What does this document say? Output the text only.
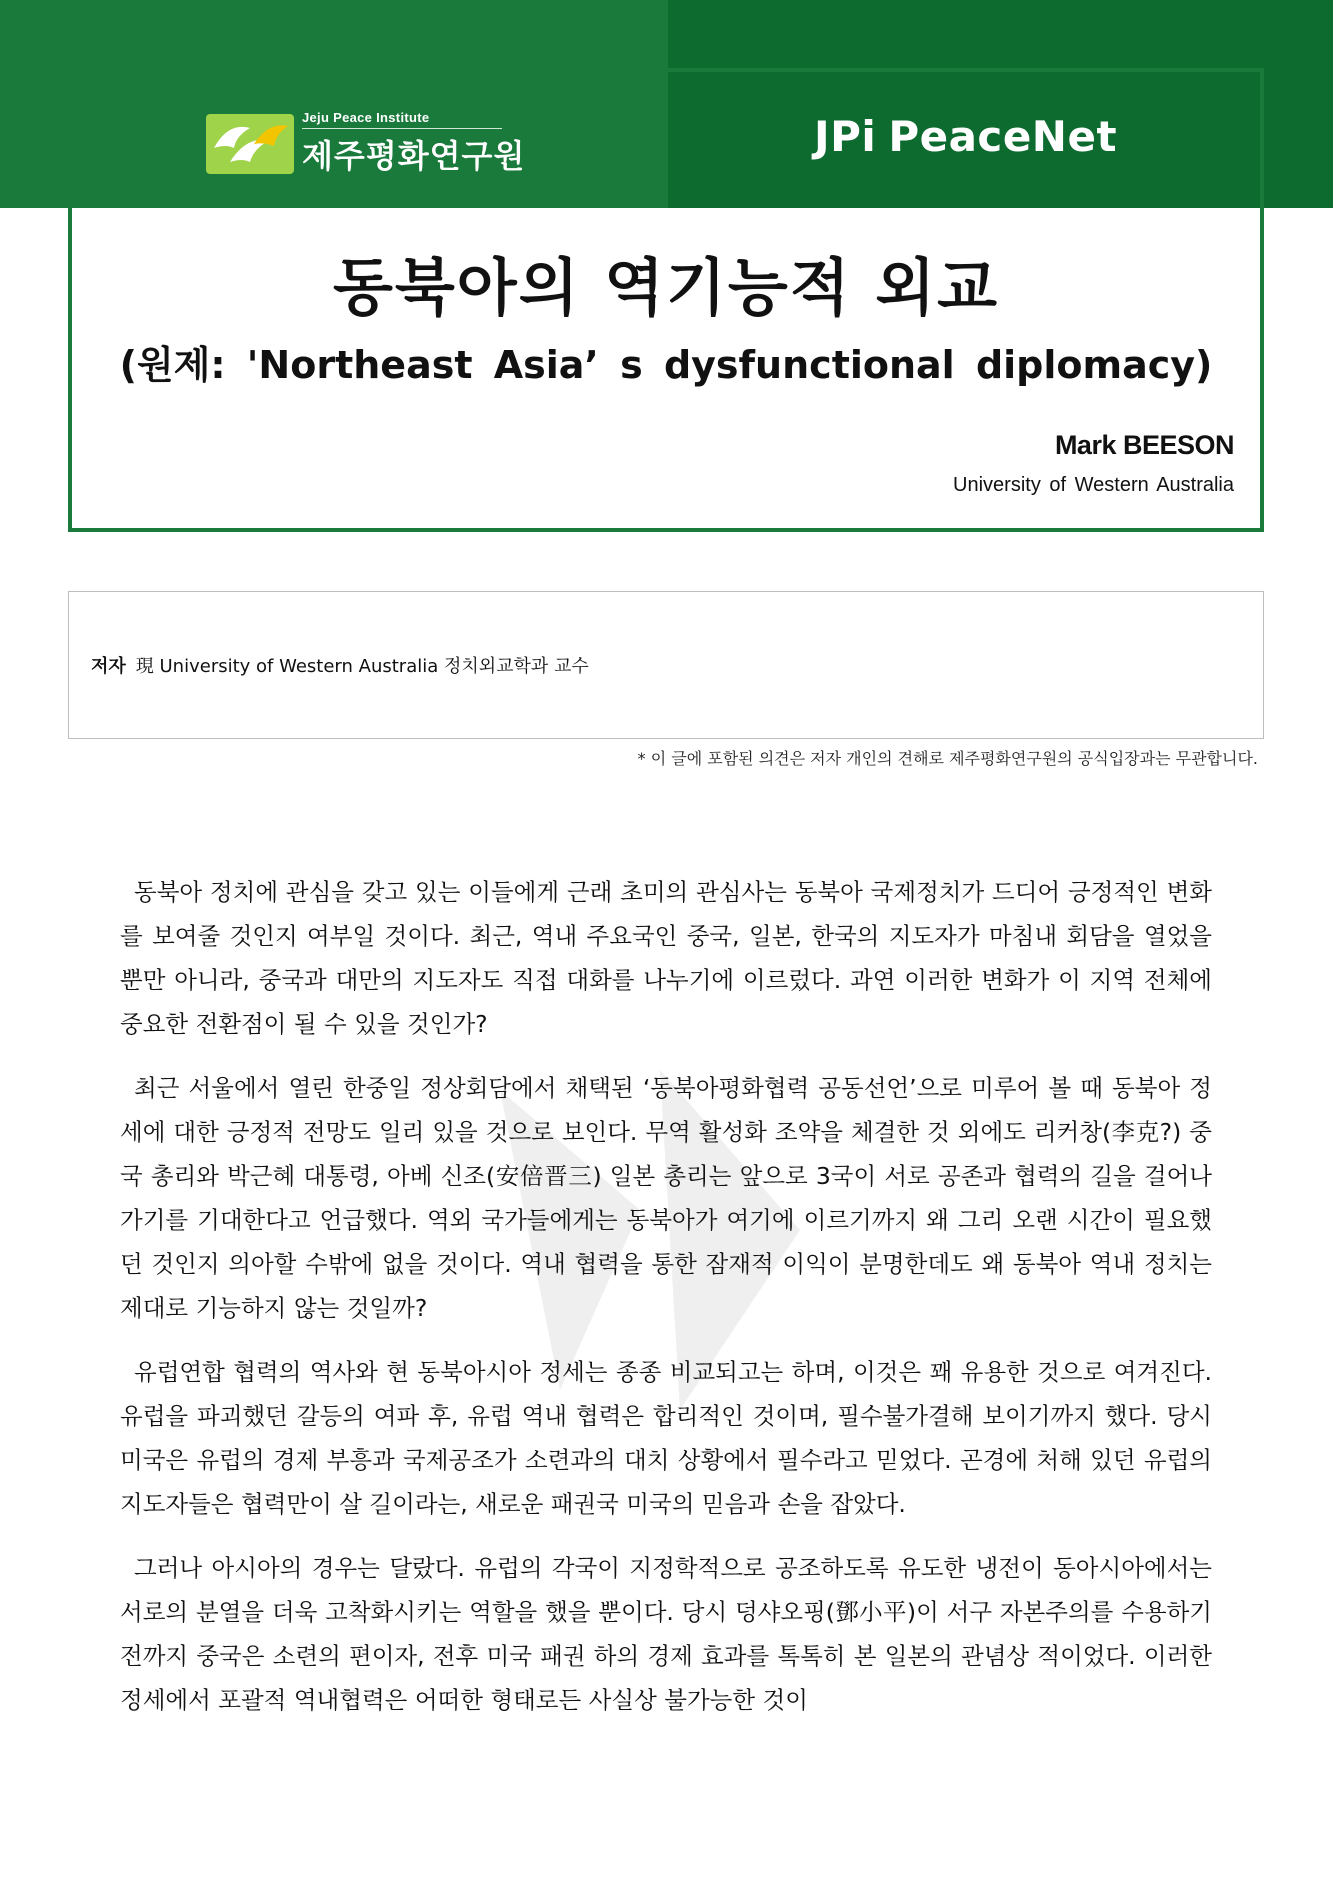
Jeju Peace Institute
제주평화연구원	JPi PeaceNet
동북아의 역기능적 외교
(원제: 'Northeast Asia’ s dysfunctional diplomacy)
Mark BEESON
University of Western Australia
저자 現 University of Western Australia 정치외교학과 교수
* 이 글에 포함된 의견은 저자 개인의 견해로 제주평화연구원의 공식입장과는 무관합니다.

동북아 정치에 관심을 갖고 있는 이들에게 근래 초미의 관심사는 동북아 국제정치가 드디어 긍정적인 변화를 보여줄 것인지 여부일 것이다. 최근, 역내 주요국인 중국, 일본, 한국의 지도자가 마침내 회담을 열었을 뿐만 아니라, 중국과 대만의 지도자도 직접 대화를 나누기에 이르렀다. 과연 이러한 변화가 이 지역 전체에 중요한 전환점이 될 수 있을 것인가?

최근 서울에서 열린 한중일 정상회담에서 채택된 ‘동북아평화협력 공동선언’으로 미루어 볼 때 동북아 정세에 대한 긍정적 전망도 일리 있을 것으로 보인다. 무역 활성화 조약을 체결한 것 외에도 리커창(李克?) 중국 총리와 박근혜 대통령, 아베 신조(安倍晋三) 일본 총리는 앞으로 3국이 서로 공존과 협력의 길을 걸어나가기를 기대한다고 언급했다. 역외 국가들에게는 동북아가 여기에 이르기까지 왜 그리 오랜 시간이 필요했던 것인지 의아할 수밖에 없을 것이다. 역내 협력을 통한 잠재적 이익이 분명한데도 왜 동북아 역내 정치는 제대로 기능하지 않는 것일까?

유럽연합 협력의 역사와 현 동북아시아 정세는 종종 비교되고는 하며, 이것은 꽤 유용한 것으로 여겨진다. 유럽을 파괴했던 갈등의 여파 후, 유럽 역내 협력은 합리적인 것이며, 필수불가결해 보이기까지 했다. 당시 미국은 유럽의 경제 부흥과 국제공조가 소련과의 대치 상황에서 필수라고 믿었다. 곤경에 처해 있던 유럽의 지도자들은 협력만이 살 길이라는, 새로운 패권국 미국의 믿음과 손을 잡았다.

그러나 아시아의 경우는 달랐다. 유럽의 각국이 지정학적으로 공조하도록 유도한 냉전이 동아시아에서는 서로의 분열을 더욱 고착화시키는 역할을 했을 뿐이다. 당시 덩샤오핑(鄧小平)이 서구 자본주의를 수용하기 전까지 중국은 소련의 편이자, 전후 미국 패권 하의 경제 효과를 톡톡히 본 일본의 관념상 적이었다. 이러한 정세에서 포괄적 역내협력은 어떠한 형태로든 사실상 불가능한 것이
